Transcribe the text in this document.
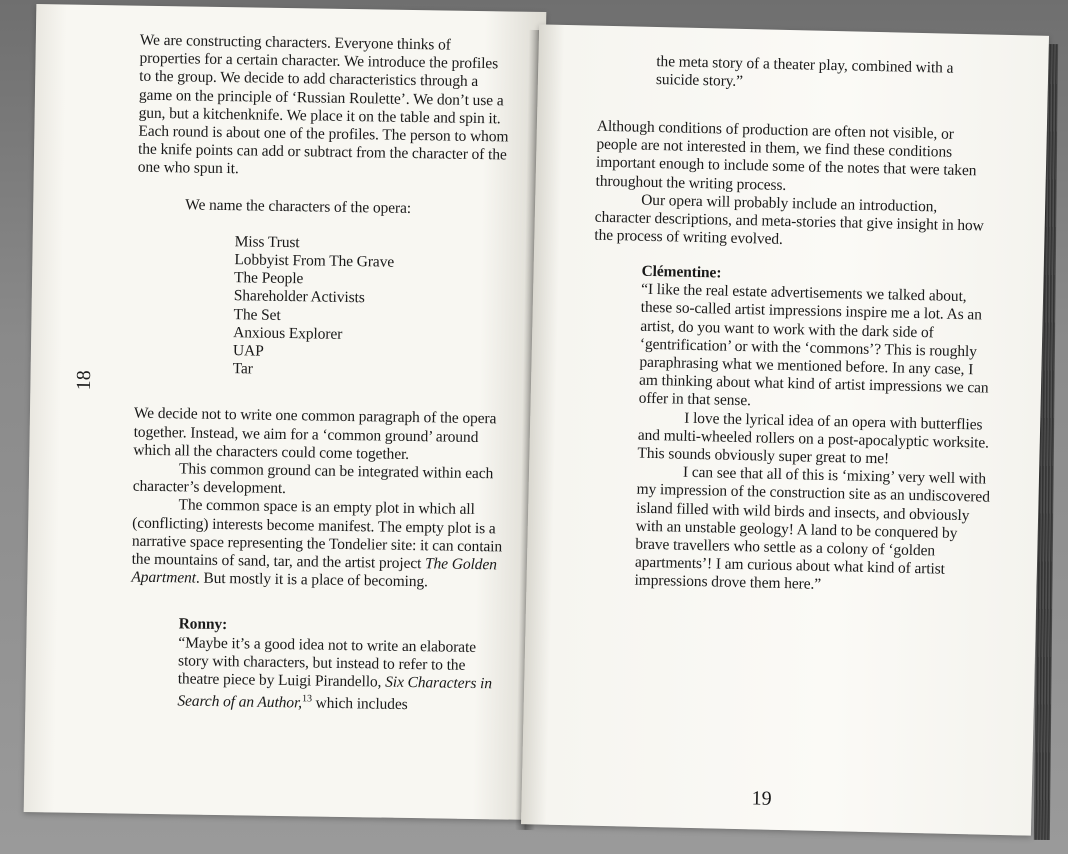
18

We are constructing characters. Everyone thinks of properties for a certain character. We introduce the profiles to the group. We decide to add characteristics through a game on the principle of ‘Russian Roulette’. We don’t use a gun, but a kitchenknife. We place it on the table and spin it. Each round is about one of the profiles. The person to whom the knife points can add or subtract from the character of the one who spun it.

We name the characters of the opera:

Miss Trust
Lobbyist From The Grave
The People
Shareholder Activists
The Set
Anxious Explorer
UAP
Tar

We decide not to write one common paragraph of the opera together. Instead, we aim for a ‘common ground’ around which all the characters could come together.

This common ground can be integrated within each character’s development.

The common space is an empty plot in which all (conflicting) interests become manifest. The empty plot is a narrative space representing the Tondelier site: it can contain the mountains of sand, tar, and the artist project The Golden Apartment. But mostly it is a place of becoming.

Ronny:

“Maybe it’s a good idea not to write an elaborate story with characters, but instead to refer to the theatre piece by Luigi Pirandello, Six Characters in Search of an Author,$^{13}$ which includes

the meta story of a theater play, combined with a suicide story.”

Although conditions of production are often not visible, or people are not interested in them, we find these conditions important enough to include some of the notes that were taken throughout the writing process.

Our opera will probably include an introduction, character descriptions, and meta-stories that give insight in how the process of writing evolved.

Clémentine:

“I like the real estate advertisements we talked about, these so-called artist impressions inspire me a lot. As an artist, do you want to work with the dark side of ‘gentrification’ or with the ‘commons’? This is roughly paraphrasing what we mentioned before. In any case, I am thinking about what kind of artist impressions we can offer in that sense.

I love the lyrical idea of an opera with butterflies and multi-wheeled rollers on a post-apocalyptic worksite. This sounds obviously super great to me!

I can see that all of this is ‘mixing’ very well with my impression of the construction site as an undiscovered island filled with wild birds and insects, and obviously with an unstable geology! A land to be conquered by brave travellers who settle as a colony of ‘golden apartments’! I am curious about what kind of artist impressions drove them here.”

19
